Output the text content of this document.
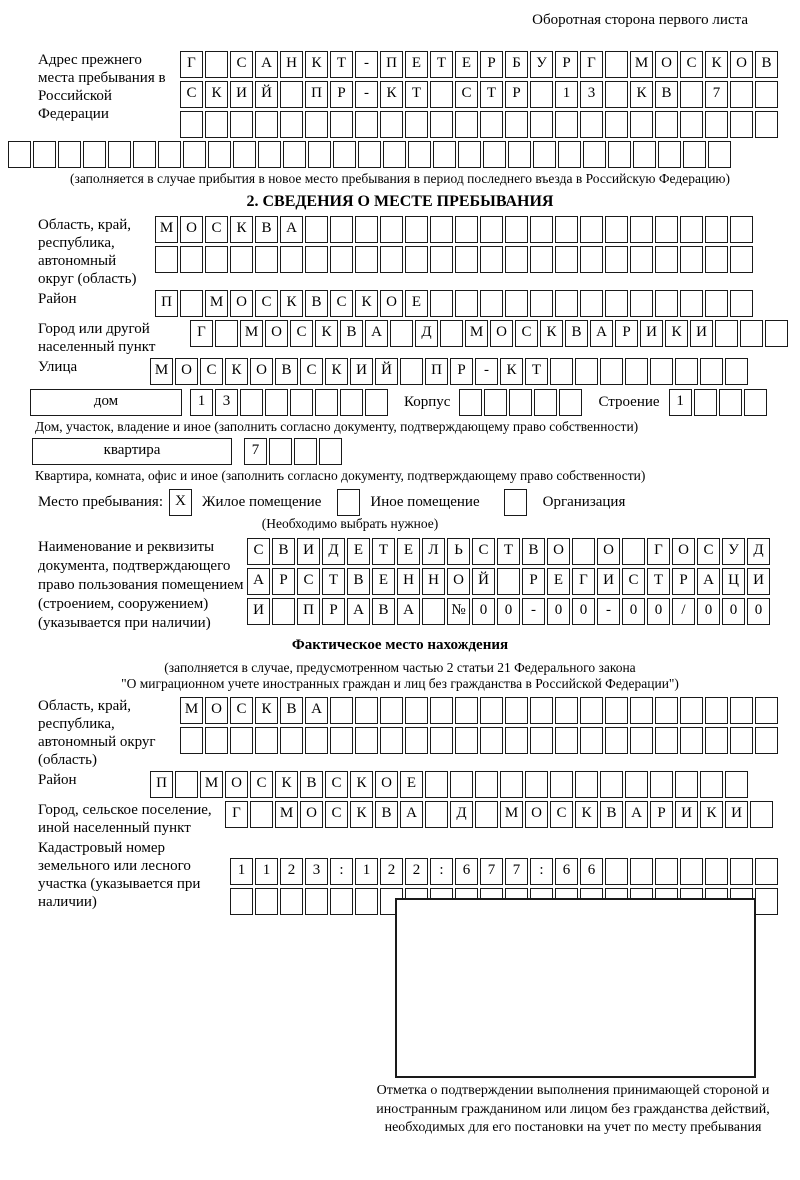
Оборотная сторона первого листа
Адрес прежнего места пребывания в Российской Федерации
Г	С А Н К Т - П Е Т Е Р Б У Р Г	М О С К О В
С К И Й	П Р - К Т	С Т Р	1 3	К В	7
(заполняется в случае прибытия в новое место пребывания в период последнего въезда в Российскую Федерацию)
2. СВЕДЕНИЯ О МЕСТЕ ПРЕБЫВАНИЯ
Область, край, республика, автономный округ (область)
М О С К В А
Район	П	М О С К В С К О Е
Город или другой населенный пункт
Г	М О С К В А	Д	М О С К В А Р И К И
Улица	М О С К О В С К И Й	П Р - К Т
дом	1 3	Корпус	Строение 1
Дом, участок, владение и иное (заполнить согласно документу, подтверждающему право собственности)
квартира	7
Квартира, комната, офис и иное (заполнить согласно документу, подтверждающему право собственности)
Место пребывания: X	Жилое помещение	Иное помещение	Организация
(Необходимо выбрать нужное)
Наименование и реквизиты документа, подтверждающего право пользования помещением (строением, сооружением) (указывается при наличии)
С В И Д Е Т Е Л Ь С Т В О	О	Г О С У Д
А Р С Т В Е Н Н О Й	Р Е Г И С Т Р А Ц И
И	П Р А В А № 0 0 - 0 0 - 0 0 / 0 0 0
Фактическое место нахождения
(заполняется в случае, предусмотренном частью 2 статьи 21 Федерального закона
"О миграционном учете иностранных граждан и лиц без гражданства в Российской Федерации")
Область, край, республика, автономный округ (область)
М О С К В А
Район	П	М О С К В С К О Е
Город, сельское поселение, иной населенный пункт
Г	М О С К В А	Д	М О С К В А Р И К И
Кадастровый номер земельного или лесного участка (указывается при наличии)
1 1 2 3 : 1 2 2 : 6 7 7 : 6 6
Отметка о подтверждении выполнения принимающей стороной и иностранным гражданином или лицом без гражданства действий, необходимых для его постановки на учет по месту пребывания
